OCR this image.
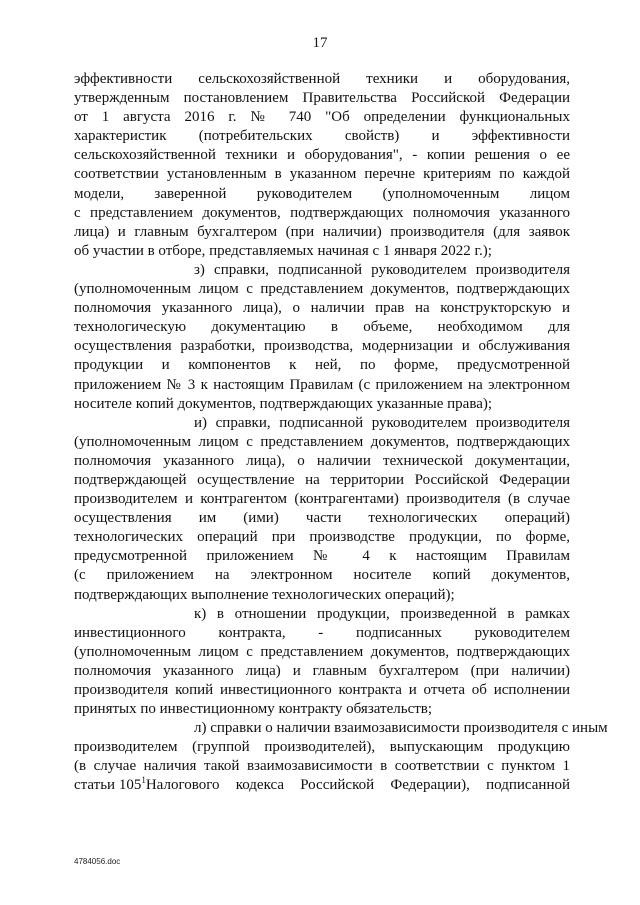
17
эффективности сельскохозяйственной техники и оборудования,
утвержденным постановлением Правительства Российской Федерации
от 1 августа 2016 г. № 740 "Об определении функциональных
характеристик (потребительских свойств) и эффективности
сельскохозяйственной техники и оборудования", - копии решения о ее
соответствии установленным в указанном перечне критериям по каждой
модели, заверенной руководителем (уполномоченным лицом
с представлением документов, подтверждающих полномочия указанного
лица) и главным бухгалтером (при наличии) производителя (для заявок
об участии в отборе, представляемых начиная с 1 января 2022 г.);
з) справки, подписанной руководителем производителя
(уполномоченным лицом с представлением документов, подтверждающих
полномочия указанного лица), о наличии прав на конструкторскую и
технологическую документацию в объеме, необходимом для
осуществления разработки, производства, модернизации и обслуживания
продукции и компонентов к ней, по форме, предусмотренной
приложением № 3 к настоящим Правилам (с приложением на электронном
носителе копий документов, подтверждающих указанные права);
и) справки, подписанной руководителем производителя
(уполномоченным лицом с представлением документов, подтверждающих
полномочия указанного лица), о наличии технической документации,
подтверждающей осуществление на территории Российской Федерации
производителем и контрагентом (контрагентами) производителя (в случае
осуществления им (ими) части технологических операций)
технологических операций при производстве продукции, по форме,
предусмотренной приложением № 4 к настоящим Правилам
(с приложением на электронном носителе копий документов,
подтверждающих выполнение технологических операций);
к) в отношении продукции, произведенной в рамках
инвестиционного контракта, - подписанных руководителем
(уполномоченным лицом с представлением документов, подтверждающих
полномочия указанного лица) и главным бухгалтером (при наличии)
производителя копий инвестиционного контракта и отчета об исполнении
принятых по инвестиционному контракту обязательств;
л) справки о наличии взаимозависимости производителя с иным
производителем (группой производителей), выпускающим продукцию
(в случае наличия такой взаимозависимости в соответствии с пунктом 1
статьи $105^1$ Налогового кодекса Российской Федерации), подписанной
4784056.doc
